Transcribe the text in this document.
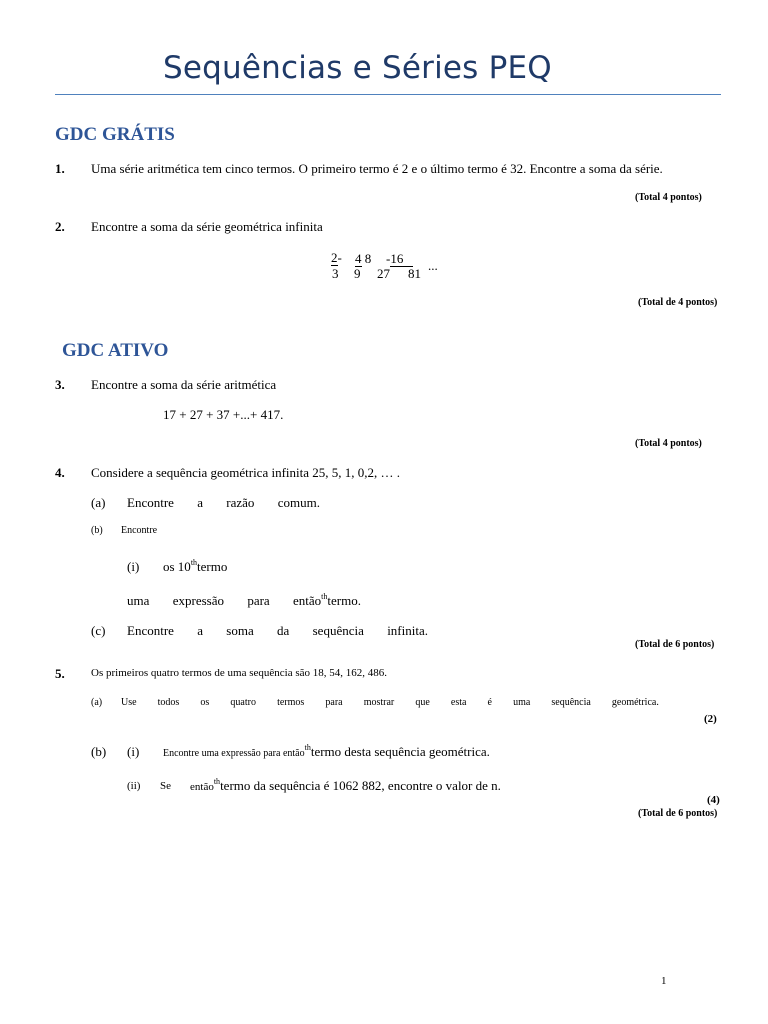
Sequências e Séries PEQ
GDC GRÁTIS
1. Uma série aritmética tem cinco termos. O primeiro termo é 2 e o último termo é 32. Encontre a soma da série.
(Total 4 pontos)
2. Encontre a soma da série geométrica infinita
2-
3
4 8
9
-16
27 81
...
(Total de 4 pontos)
GDC ATIVO
3. Encontre a soma da série aritmética
17 + 27 + 37 +...+ 417.
(Total 4 pontos)
4. Considere a sequência geométrica infinita 25, 5, 1, 0,2, … .
(a) Encontre a razão comum.
(b) Encontre
(i) os 10thtermo
uma expressão para então$^{th}$termo.
(c) Encontre a soma da sequência infinita.
(Total de 6 pontos)
5. Os primeiros quatro termos de uma sequência são 18, 54, 162, 486.
(a) Use todos os quatro termos para mostrar que esta é uma sequência geométrica.
(2)
(b) (i) Encontre uma expressão para então$^{th}$termo desta sequência geométrica.
(ii) Se então$^{th}$termo da sequência é 1062 882, encontre o valor de n.
(4)
(Total de 6 pontos)
1
